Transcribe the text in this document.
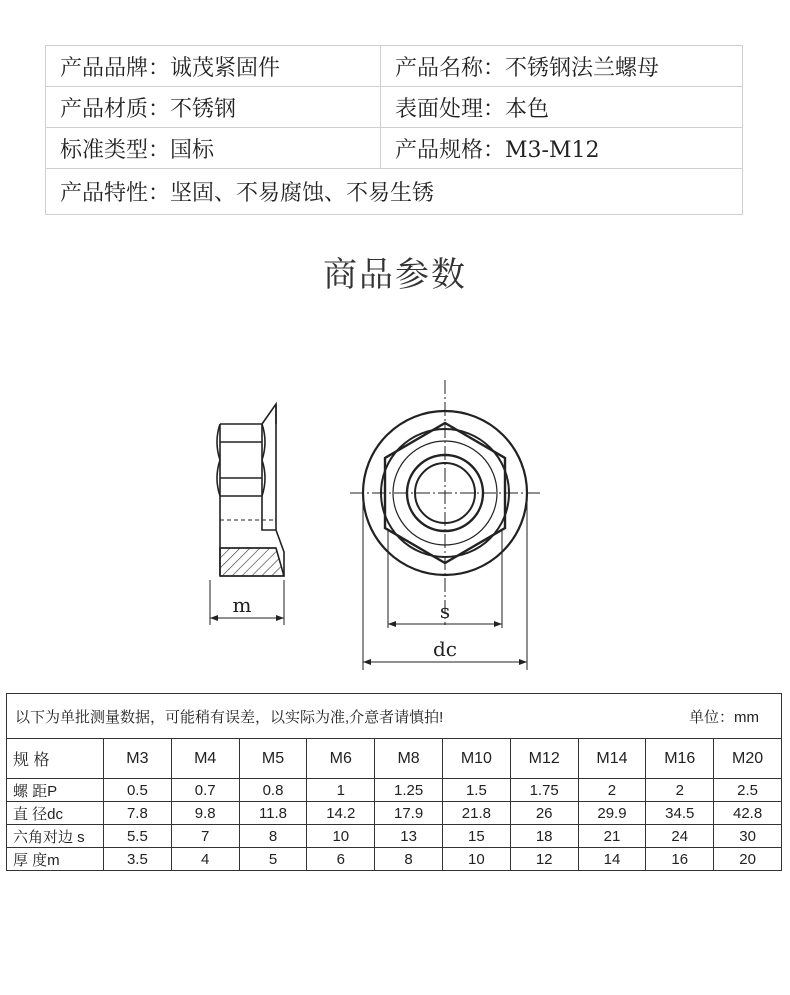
产品品牌：诚茂紧固件	产品名称：不锈钢法兰螺母
产品材质：不锈钢	表面处理：本色
标准类型：国标	产品规格：M3-M12
产品特性：坚固、不易腐蚀、不易生锈	
商品参数
m	s
dc
以下为单批测量数据，可能稍有误差，以实际为准,介意者请慎拍! 单位：mm										

规 格	M3	M4	M5	M6	M8	M10	M12	M14	M16	M20
螺 距P	0.5	0.7	0.8	1	1.25	1.5	1.75	2	2	2.5
直 径dc	7.8	9.8	11.8	14.2	17.9	21.8	26	29.9	34.5	42.8
六角对边 s	5.5	7	8	10	13	15	18	21	24	30
厚 度m	3.5	4	5	6	8	10	12	14	16	20
